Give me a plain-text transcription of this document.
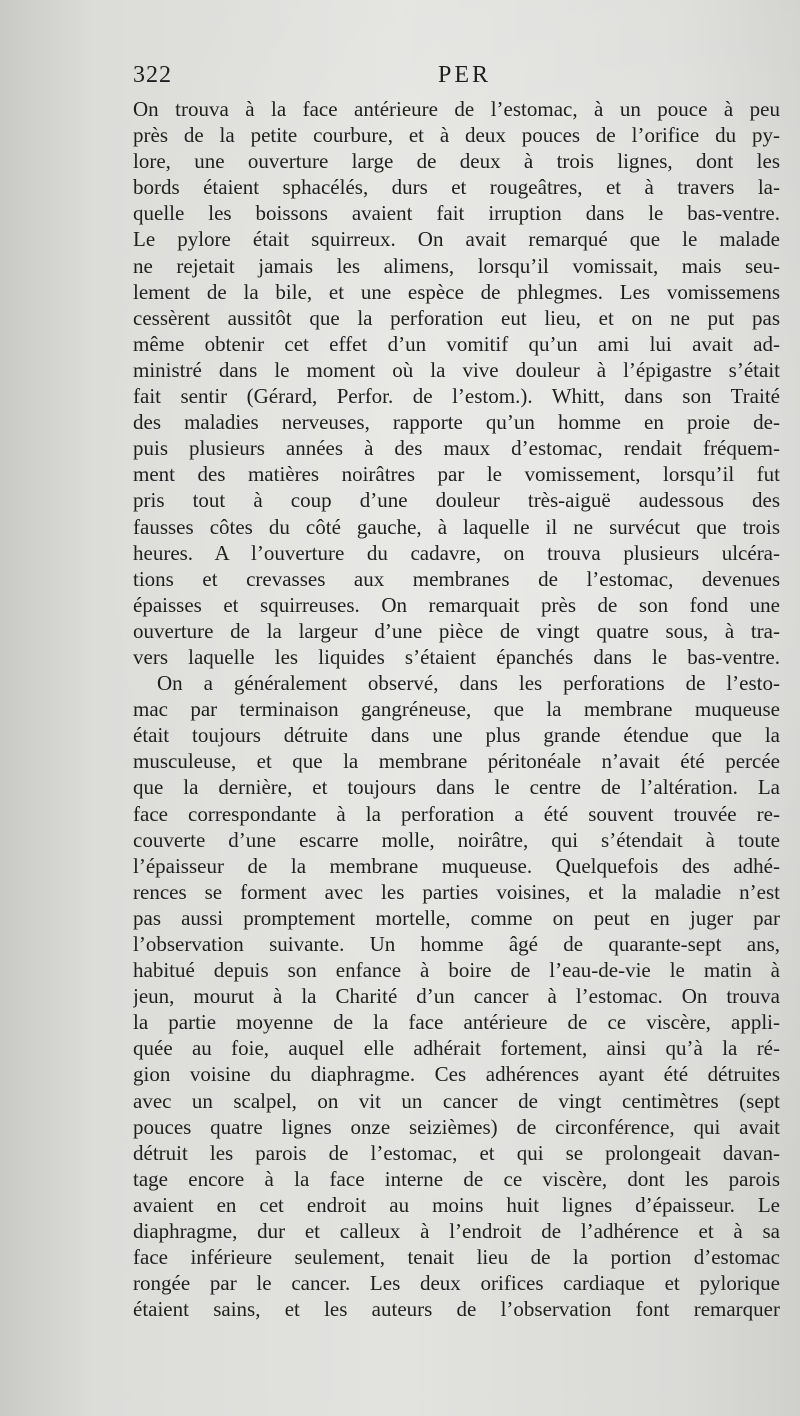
322	PER
On trouva à la face antérieure de l’estomac, à un pouce à peu
près de la petite courbure, et à deux pouces de l’orifice du py-
lore, une ouverture large de deux à trois lignes, dont les
bords étaient sphacélés, durs et rougeâtres, et à travers la-
quelle les boissons avaient fait irruption dans le bas-ventre.
Le pylore était squirreux. On avait remarqué que le malade
ne rejetait jamais les alimens, lorsqu’il vomissait, mais seu-
lement de la bile, et une espèce de phlegmes. Les vomissemens
cessèrent aussitôt que la perforation eut lieu, et on ne put pas
même obtenir cet effet d’un vomitif qu’un ami lui avait ad-
ministré dans le moment où la vive douleur à l’épigastre s’était
fait sentir (Gérard, Perfor. de l’estom.). Whitt, dans son Traité
des maladies nerveuses, rapporte qu’un homme en proie de-
puis plusieurs années à des maux d’estomac, rendait fréquem-
ment des matières noirâtres par le vomissement, lorsqu’il fut
pris tout à coup d’une douleur très-aiguë audessous des
fausses côtes du côté gauche, à laquelle il ne survécut que trois
heures. A l’ouverture du cadavre, on trouva plusieurs ulcéra-
tions et crevasses aux membranes de l’estomac, devenues
épaisses et squirreuses. On remarquait près de son fond une
ouverture de la largeur d’une pièce de vingt quatre sous, à tra-
vers laquelle les liquides s’étaient épanchés dans le bas-ventre.
On a généralement observé, dans les perforations de l’esto-
mac par terminaison gangréneuse, que la membrane muqueuse
était toujours détruite dans une plus grande étendue que la
musculeuse, et que la membrane péritonéale n’avait été percée
que la dernière, et toujours dans le centre de l’altération. La
face correspondante à la perforation a été souvent trouvée re-
couverte d’une escarre molle, noirâtre, qui s’étendait à toute
l’épaisseur de la membrane muqueuse. Quelquefois des adhé-
rences se forment avec les parties voisines, et la maladie n’est
pas aussi promptement mortelle, comme on peut en juger par
l’observation suivante. Un homme âgé de quarante-sept ans,
habitué depuis son enfance à boire de l’eau-de-vie le matin à
jeun, mourut à la Charité d’un cancer à l’estomac. On trouva
la partie moyenne de la face antérieure de ce viscère, appli-
quée au foie, auquel elle adhérait fortement, ainsi qu’à la ré-
gion voisine du diaphragme. Ces adhérences ayant été détruites
avec un scalpel, on vit un cancer de vingt centimètres (sept
pouces quatre lignes onze seizièmes) de circonférence, qui avait
détruit les parois de l’estomac, et qui se prolongeait davan-
tage encore à la face interne de ce viscère, dont les parois
avaient en cet endroit au moins huit lignes d’épaisseur. Le
diaphragme, dur et calleux à l’endroit de l’adhérence et à sa
face inférieure seulement, tenait lieu de la portion d’estomac
rongée par le cancer. Les deux orifices cardiaque et pylorique
étaient sains, et les auteurs de l’observation font remarquer
